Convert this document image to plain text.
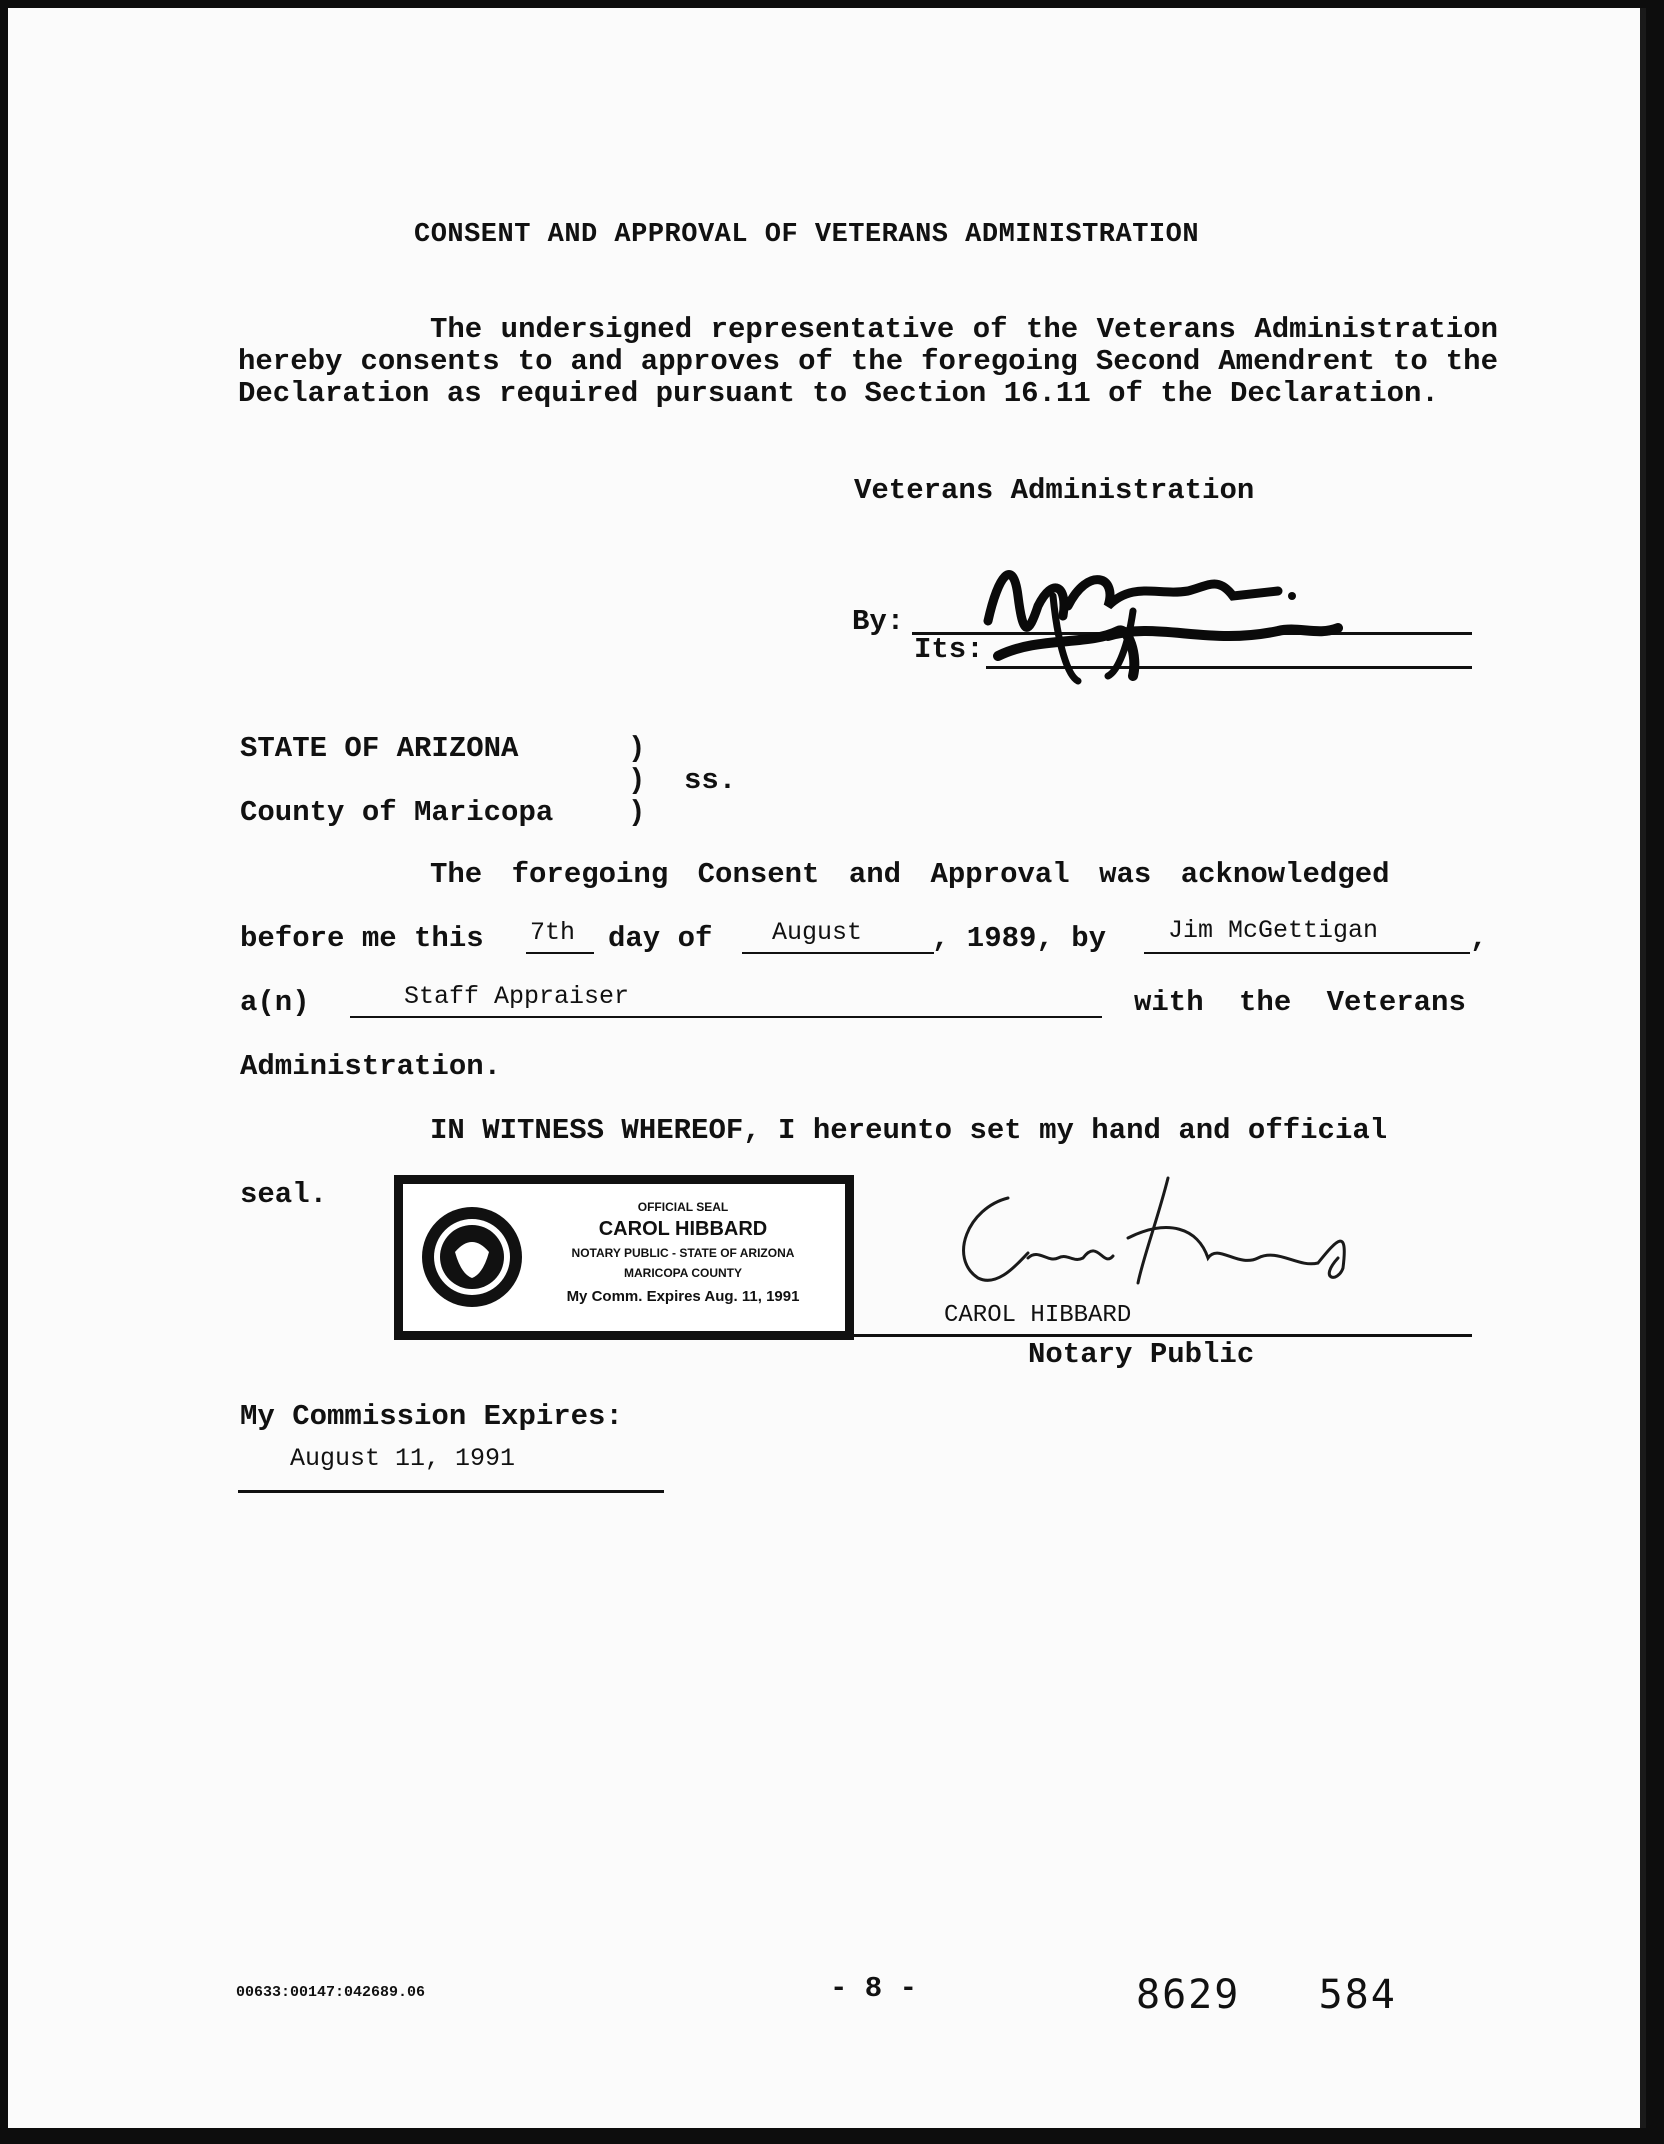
CONSENT AND APPROVAL OF VETERANS ADMINISTRATION
The undersigned representative of the Veterans Administration hereby consents to and approves of the foregoing Second Amendrent to the Declaration as required pursuant to Section 16.11 of the Declaration.
Veterans Administration
By:
Its:
STATE OF ARIZONA	)
)
)
ss.
County of Maricopa
The foregoing Consent and Approval was acknowledged
before me this 7th day of August , 1989, by Jim McGettigan	,
a(n)	Staff Appraiser	with the Veterans
Administration.
IN WITNESS WHEREOF, I hereunto set my hand and official
seal.	OFFICIAL SEAL
CAROL HIBBARD
NOTARY PUBLIC - STATE OF ARIZONA
MARICOPA COUNTY
My Comm. Expires Aug. 11, 1991
CAROL HIBBARD
Notary Public
My Commission Expires:
August 11, 1991
00633:00147:042689.06	- 8 -	8629   584
